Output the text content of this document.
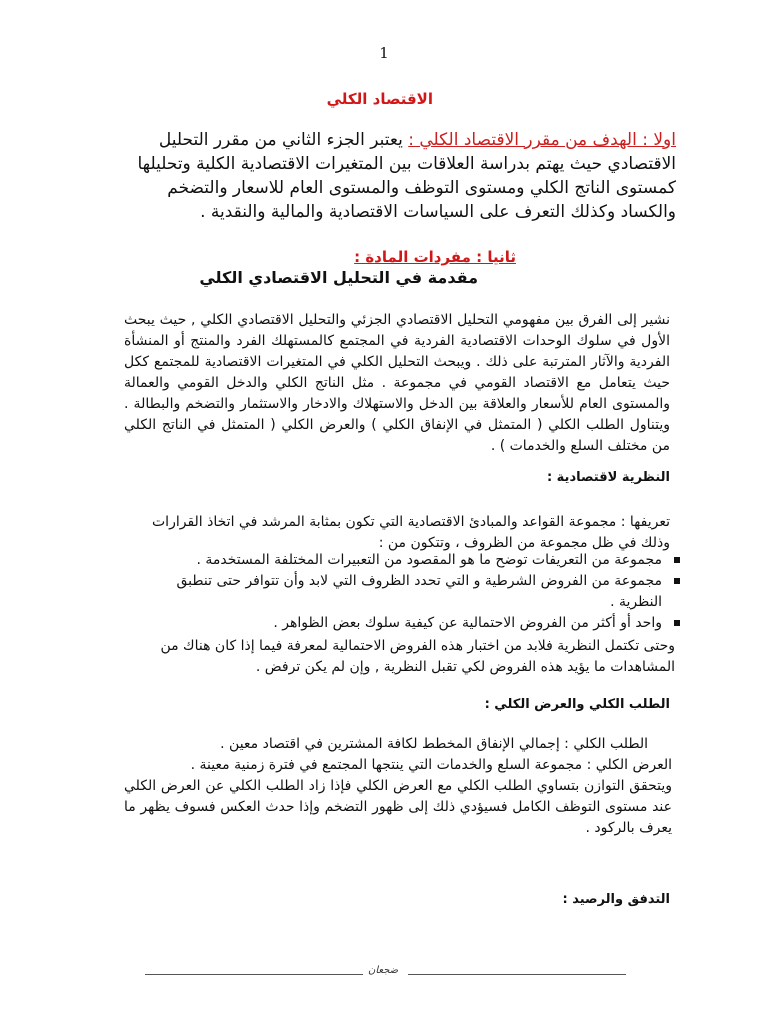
1
الاقتصاد الكلي

اولا : الهدف من مقرر الاقتصاد الكلي : يعتبر الجزء الثاني من مقرر التحليل الاقتصادي حيث يهتم بدراسة العلاقات بين المتغيرات الاقتصادية الكلية وتحليلها كمستوى الناتج الكلي ومستوى التوظف والمستوى العام للاسعار والتضخم والكساد وكذلك التعرف على السياسات الاقتصادية والمالية والنقدية .

ثانيا : مفردات المادة :
مقدمة في التحليل الاقتصادي الكلي

نشير إلى الفرق بين مفهومي التحليل الاقتصادي الجزئي والتحليل الاقتصادي الكلي , حيث يبحث الأول في سلوك الوحدات الاقتصادية الفردية في المجتمع كالمستهلك الفرد والمنتج أو المنشأة الفردية والآثار المترتبة على ذلك . ويبحث التحليل الكلي في المتغيرات الاقتصادية للمجتمع ككل حيث يتعامل مع الاقتصاد القومي في مجموعة . مثل الناتج الكلي والدخل القومي والعمالة والمستوى العام للأسعار والعلاقة بين الدخل والاستهلاك والادخار والاستثمار والتضخم والبطالة . ويتناول الطلب الكلي ( المتمثل في الإنفاق الكلي ) والعرض الكلي ( المتمثل في الناتج الكلي من مختلف السلع والخدمات ) .

النظرية لاقتصادية :

تعريفها : مجموعة القواعد والمبادئ الاقتصادية التي تكون بمثابة المرشد في اتخاذ القرارات وذلك في ظل مجموعة من الظروف ، وتتكون من :

مجموعة من التعريفات توضح ما هو المقصود من التعبيرات المختلفة المستخدمة .
مجموعة من الفروض الشرطية و التي تحدد الظروف التي لابد وأن تتوافر حتى تنطبق النظرية .
واحد أو أكثر من الفروض الاحتمالية عن كيفية سلوك بعض الظواهر .

وحتى تكتمل النظرية فلابد من اختبار هذه الفروض الاحتمالية لمعرفة فيما إذا كان هناك من المشاهدات ما يؤيد هذه الفروض لكي تقبل النظرية , وإن لم يكن ترفض .

الطلب الكلي والعرض الكلي :

الطلب الكلي : إجمالي الإنفاق المخطط لكافة المشترين في اقتصاد معين .

العرض الكلي : مجموعة السلع والخدمات التي ينتجها المجتمع في فترة زمنية معينة .

ويتحقق التوازن بتساوي الطلب الكلي مع العرض الكلي فإذا زاد الطلب الكلي عن العرض الكلي عند مستوى التوظف الكامل فسيؤدي ذلك إلى ظهور التضخم وإذا حدث العكس فسوف يظهر ما يعرف بالركود .

التدفق والرصيد :
ضجعان
